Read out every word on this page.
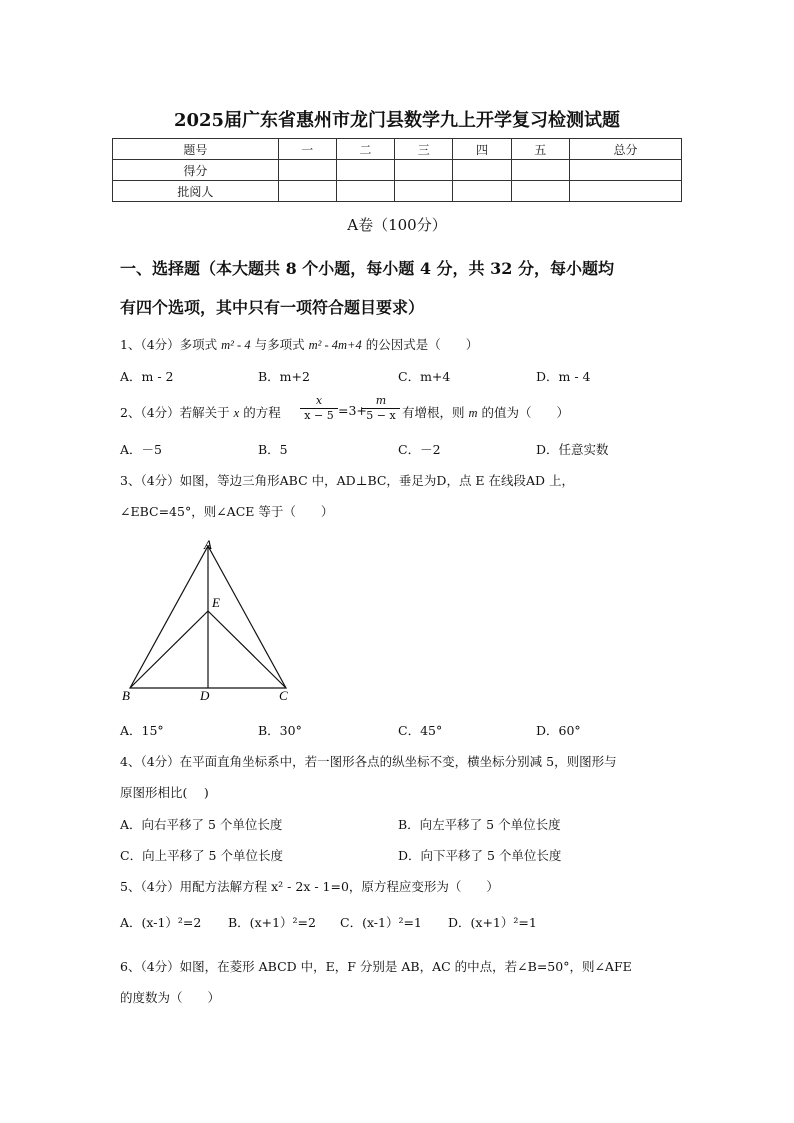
2025届广东省惠州市龙门县数学九上开学复习检测试题
题号	一	二	三	四	五	总分
得分						
批阅人						
A卷（100分）
一、选择题（本大题共 8 个小题，每小题 4 分，共 32 分，每小题均
有四个选项，其中只有一项符合题目要求）
1、（4分）多项式 m² - 4 与多项式 m² - 4m+4 的公因式是（　　）
A．m - 2	B．m+2	C．m+4	D．m - 4
2、（4分）若解关于 x 的方程
x
x − 5 =3+
m
5 − x 有增根，则 m 的值为（　　）
A．－5	B．5	C．－2	D．任意实数
3、（4分）如图，等边三角形ABC 中，AD⊥BC，垂足为D，点 E 在线段AD 上，
∠EBC=45°，则∠ACE 等于（　　）
A
E
B	D	C
A．15°	B．30°	C．45°	D．60°
4、（4分）在平面直角坐标系中，若一图形各点的纵坐标不变，横坐标分别减 5，则图形与
原图形相比(　 )
A．向右平移了 5 个单位长度	B．向左平移了 5 个单位长度
C．向上平移了 5 个单位长度	D．向下平移了 5 个单位长度
5、（4分）用配方法解方程 x² - 2x - 1=0，原方程应变形为（　　）
A．(x-1）²=2 B．(x+1）²=2 C．(x-1）²=1 D．(x+1）²=1
6、（4分）如图，在菱形 ABCD 中，E，F 分别是 AB，AC 的中点，若∠B=50°，则∠AFE
的度数为（　　）
